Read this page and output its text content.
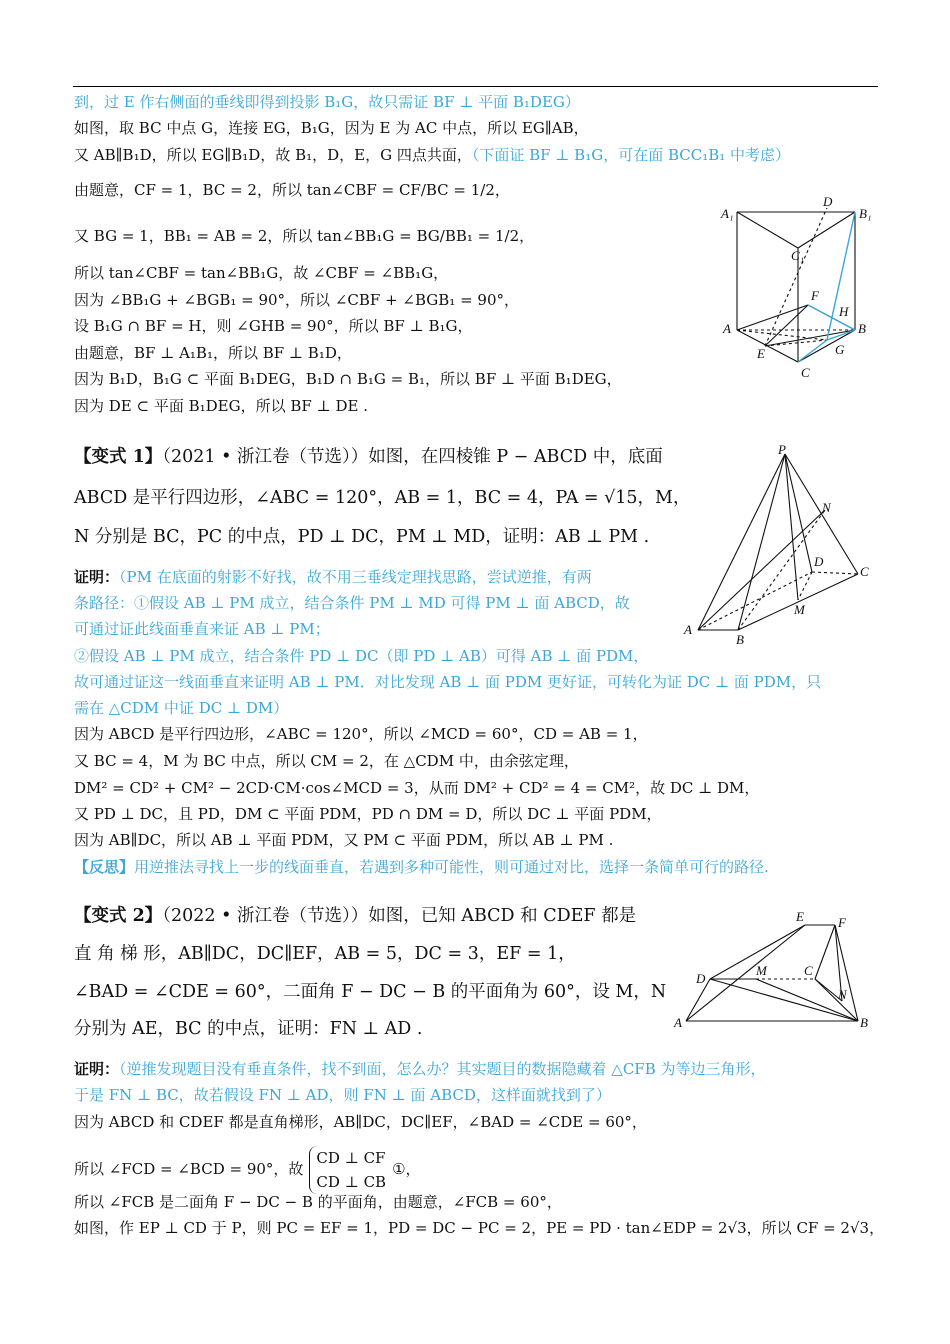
到，过 E 作右侧面的垂线即得到投影 B₁G，故只需证 BF ⊥ 平面 B₁DEG）
如图，取 BC 中点 G，连接 EG，B₁G，因为 E 为 AC 中点，所以 EG∥AB，
又 AB∥B₁D，所以 EG∥B₁D，故 B₁，D，E，G 四点共面，（下面证 BF ⊥ B₁G，可在面 BCC₁B₁ 中考虑）
由题意，CF = 1，BC = 2，所以 tan∠CBF = CF/BC = 1/2，
又 BG = 1，BB₁ = AB = 2，所以 tan∠BB₁G = BG/BB₁ = 1/2，
所以 tan∠CBF = tan∠BB₁G，故 ∠CBF = ∠BB₁G，
因为 ∠BB₁G + ∠BGB₁ = 90°，所以 ∠CBF + ∠BGB₁ = 90°，
设 B₁G ∩ BF = H，则 ∠GHB = 90°，所以 BF ⊥ B₁G，
由题意，BF ⊥ A₁B₁，所以 BF ⊥ B₁D，
因为 B₁D，B₁G ⊂ 平面 B₁DEG，B₁D ∩ B₁G = B₁，所以 BF ⊥ 平面 B₁DEG，
因为 DE ⊂ 平面 B₁DEG，所以 BF ⊥ DE .
A₁
D
B₁
C₁
F
H
A	B
E	G
C
【变式 1】（2021 • 浙江卷（节选））如图，在四棱锥 P − ABCD 中，底面
ABCD 是平行四边形，∠ABC = 120°，AB = 1，BC = 4，PA = √15，M，
N 分别是 BC，PC 的中点，PD ⊥ DC，PM ⊥ MD，证明：AB ⊥ PM .
证明：（PM 在底面的射影不好找，故不用三垂线定理找思路，尝试逆推，有两
条路径：①假设 AB ⊥ PM 成立，结合条件 PM ⊥ MD 可得 PM ⊥ 面 ABCD，故
可通过证此线面垂直来证 AB ⊥ PM；
②假设 AB ⊥ PM 成立，结合条件 PD ⊥ DC（即 PD ⊥ AB）可得 AB ⊥ 面 PDM，
故可通过证这一线面垂直来证明 AB ⊥ PM．对比发现 AB ⊥ 面 PDM 更好证，可转化为证 DC ⊥ 面 PDM，只
需在 △CDM 中证 DC ⊥ DM）
因为 ABCD 是平行四边形，∠ABC = 120°，所以 ∠MCD = 60°，CD = AB = 1，
又 BC = 4，M 为 BC 中点，所以 CM = 2，在 △CDM 中，由余弦定理，
DM² = CD² + CM² − 2CD·CM·cos∠MCD = 3，从而 DM² + CD² = 4 = CM²，故 DC ⊥ DM，
又 PD ⊥ DC，且 PD，DM ⊂ 平面 PDM，PD ∩ DM = D，所以 DC ⊥ 平面 PDM，
因为 AB∥DC，所以 AB ⊥ 平面 PDM，又 PM ⊂ 平面 PDM，所以 AB ⊥ PM .
【反思】用逆推法寻找上一步的线面垂直，若遇到多种可能性，则可通过对比，选择一条简单可行的路径.
P
N
D
C
M
A
B
【变式 2】（2022 • 浙江卷（节选））如图，已知 ABCD 和 CDEF 都是
直 角 梯 形，AB∥DC，DC∥EF，AB = 5，DC = 3，EF = 1，
∠BAD = ∠CDE = 60°，二面角 F − DC − B 的平面角为 60°，设 M，N
分别为 AE，BC 的中点，证明：FN ⊥ AD .
证明：（逆推发现题目没有垂直条件，找不到面，怎么办？其实题目的数据隐藏着 △CFB 为等边三角形，
于是 FN ⊥ BC，故若假设 FN ⊥ AD，则 FN ⊥ 面 ABCD，这样面就找到了）
因为 ABCD 和 CDEF 都是直角梯形，AB∥DC，DC∥EF，∠BAD = ∠CDE = 60°，
所以 ∠FCD = ∠BCD = 90°，故
CD ⊥ CF
CD ⊥ CB
①，
所以 ∠FCB 是二面角 F − DC − B 的平面角，由题意，∠FCB = 60°，
如图，作 EP ⊥ CD 于 P，则 PC = EF = 1，PD = DC − PC = 2，PE = PD · tan∠EDP = 2√3，所以 CF = 2√3，
E	F
D
M	C
N
A	B
